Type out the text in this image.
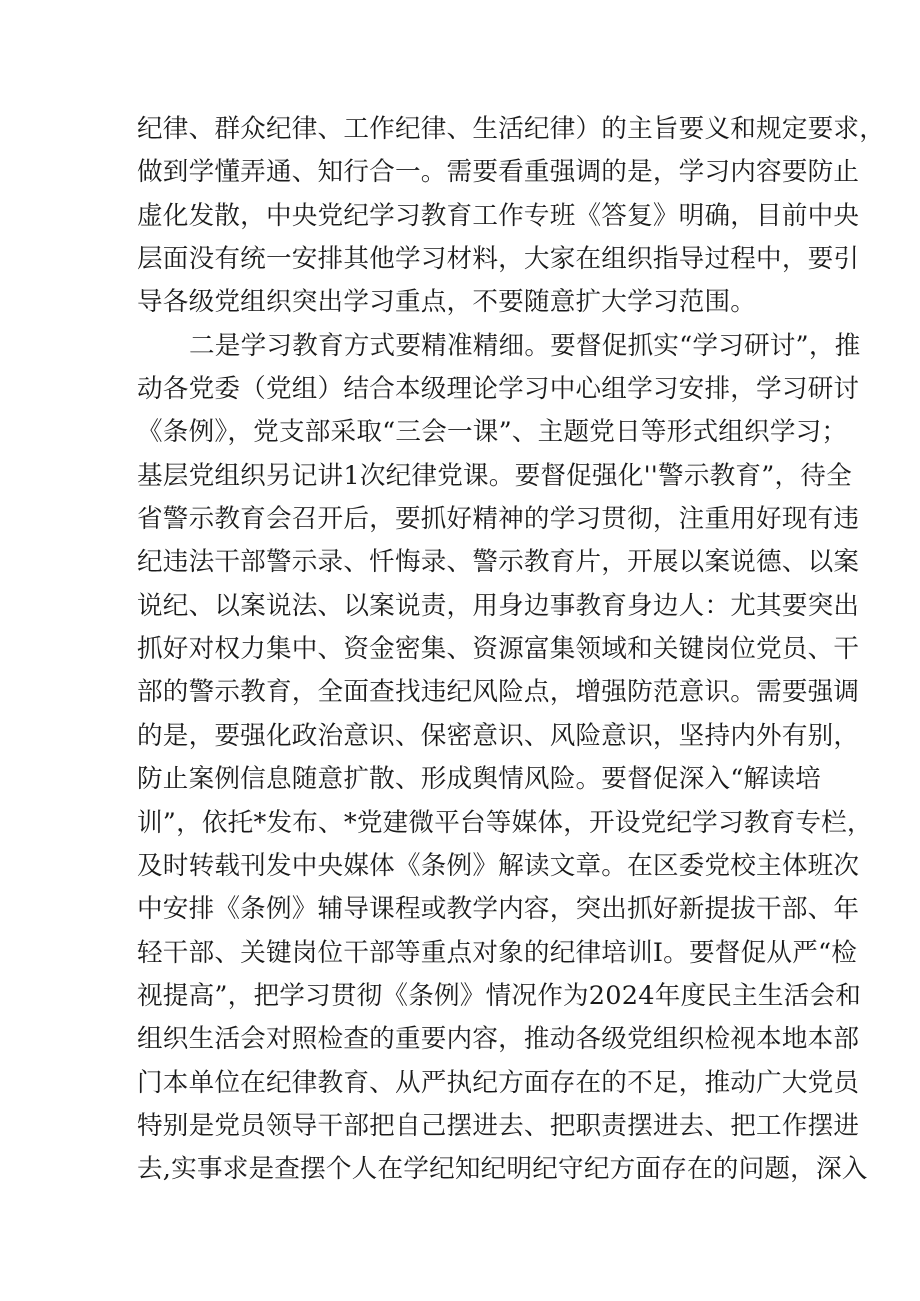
纪律、群众纪律、工作纪律、生活纪律）的主旨要义和规定要求，
做到学懂弄通、知行合一。需要看重强调的是，学习内容要防止
虚化发散，中央党纪学习教育工作专班《答复》明确，目前中央
层面没有统一安排其他学习材料，大家在组织指导过程中，要引
导各级党组织突出学习重点，不要随意扩大学习范围。
二是学习教育方式要精准精细。要督促抓实“学习研讨”，推
动各党委（党组）结合本级理论学习中心组学习安排，学习研讨
《条例》，党支部采取“三会一课”、主题党日等形式组织学习；
基层党组织另记讲1次纪律党课。要督促强化''警示教育”，待全
省警示教育会召开后，要抓好精神的学习贯彻，注重用好现有违
纪违法干部警示录、忏悔录、警示教育片，开展以案说德、以案
说纪、以案说法、以案说责，用身边事教育身边人：尤其要突出
抓好对权力集中、资金密集、资源富集领域和关键岗位党员、干
部的警示教育，全面查找违纪风险点，增强防范意识。需要强调
的是，要强化政治意识、保密意识、风险意识，坚持内外有别，
防止案例信息随意扩散、形成舆情风险。要督促深入“解读培
训”，依托*发布、*党建微平台等媒体，开设党纪学习教育专栏，
及时转载刊发中央媒体《条例》解读文章。在区委党校主体班次
中安排《条例》辅导课程或教学内容，突出抓好新提拔干部、年
轻干部、关键岗位干部等重点对象的纪律培训I。要督促从严“检
视提高”，把学习贯彻《条例》情况作为2024年度民主生活会和
组织生活会对照检查的重要内容，推动各级党组织检视本地本部
门本单位在纪律教育、从严执纪方面存在的不足，推动广大党员
特别是党员领导干部把自己摆进去、把职责摆进去、把工作摆进
去,实事求是查摆个人在学纪知纪明纪守纪方面存在的问题，深入
